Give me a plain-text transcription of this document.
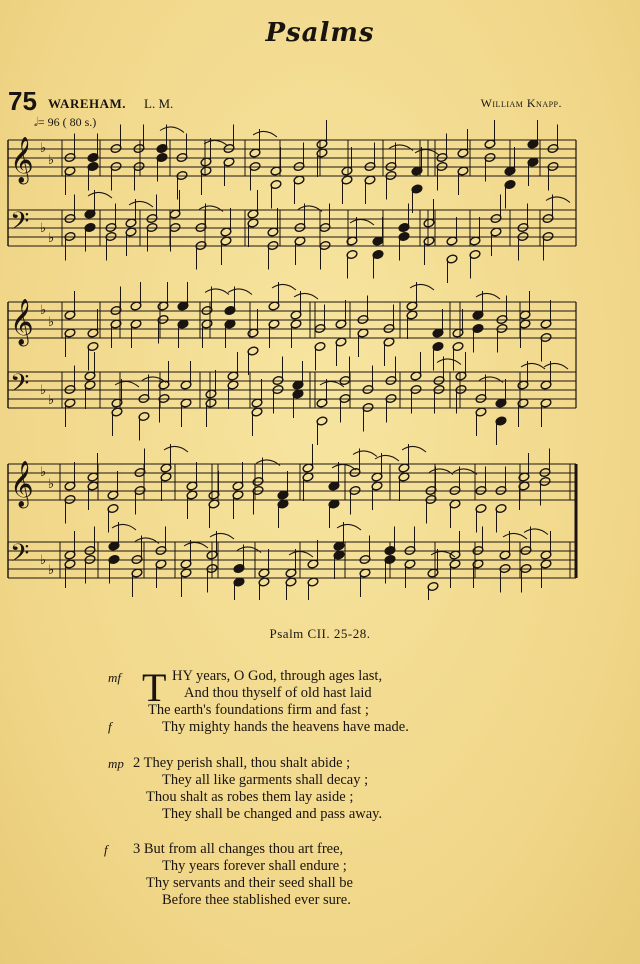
Psalms
75 WAREHAM. L. M.	William Knapp.
𝅗𝅥= 96 ( 80 s.)
𝄞 ♭
♭
𝄢 ♭
♭
𝄞 ♭
♭
𝄢 ♭
♭
𝄞 ♭
♭
𝄢 ♭
♭
Psalm CII. 25-28.
T
mf	HY years, O God, through ages last,
And thou thyself of old hast laid
The earth's foundations firm and fast ;
f	Thy mighty hands the heavens have made.
mp 2 They perish shall, thou shalt abide ;
They all like garments shall decay ;
Thou shalt as robes them lay aside ;
They shall be changed and pass away.
f 3 But from all changes thou art free,
Thy years forever shall endure ;
Thy servants and their seed shall be
Before thee stablished ever sure.
